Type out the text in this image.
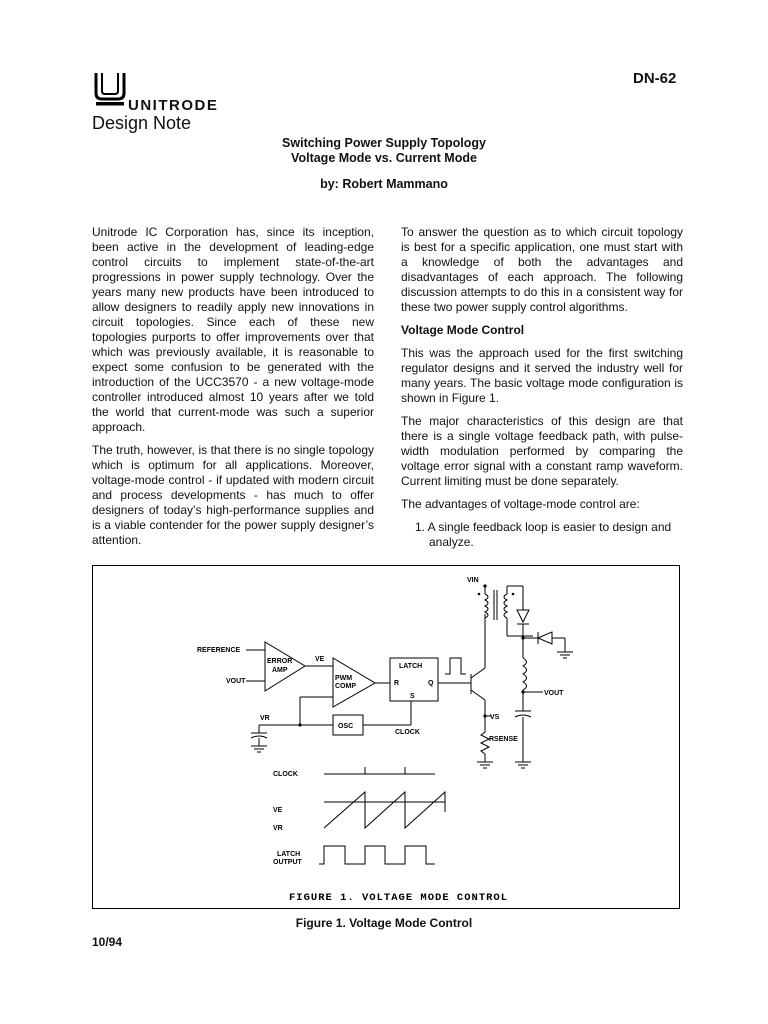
UNITRODE
DN-62
Design Note
Switching Power Supply Topology
Voltage Mode vs. Current Mode
by: Robert Mammano

Unitrode IC Corporation has, since its inception, been active in the development of leading-edge control circuits to implement state-of-the-art progressions in power supply technology. Over the years many new products have been introduced to allow designers to readily apply new innovations in circuit topologies. Since each of these new topologies purports to offer improvements over that which was previously available, it is reasonable to expect some confusion to be generated with the introduction of the UCC3570 - a new voltage-mode controller introduced almost 10 years after we told the world that current-mode was such a superior approach.

The truth, however, is that there is no single topology which is optimum for all applications. Moreover, voltage-mode control - if updated with modern circuit and process developments - has much to offer designers of today’s high-performance supplies and is a viable contender for the power supply designer’s attention.

To answer the question as to which circuit topology is best for a specific application, one must start with a knowledge of both the advantages and disadvantages of each approach. The following discussion attempts to do this in a consistent way for these two power supply control algorithms.

Voltage Mode Control

This was the approach used for the first switching regulator designs and it served the industry well for many years. The basic voltage mode configuration is shown in Figure 1.

The major characteristics of this design are that there is a single voltage feedback path, with pulse-width modulation performed by comparing the voltage error signal with a constant ramp waveform. Current limiting must be done separately.

The advantages of voltage-mode control are:

1. A single feedback loop is easier to design and analyze.

REFERENCE
VOUT
ERROR
AMP
VE
PWM
COMP
LATCH
R	Q
S
OSC
CLOCK
VR
VIN
VOUT
VS
RSENSE
CLOCK
VE
VR
LATCH
OUTPUT
FIGURE 1. VOLTAGE MODE CONTROL
Figure 1. Voltage Mode Control
10/94
